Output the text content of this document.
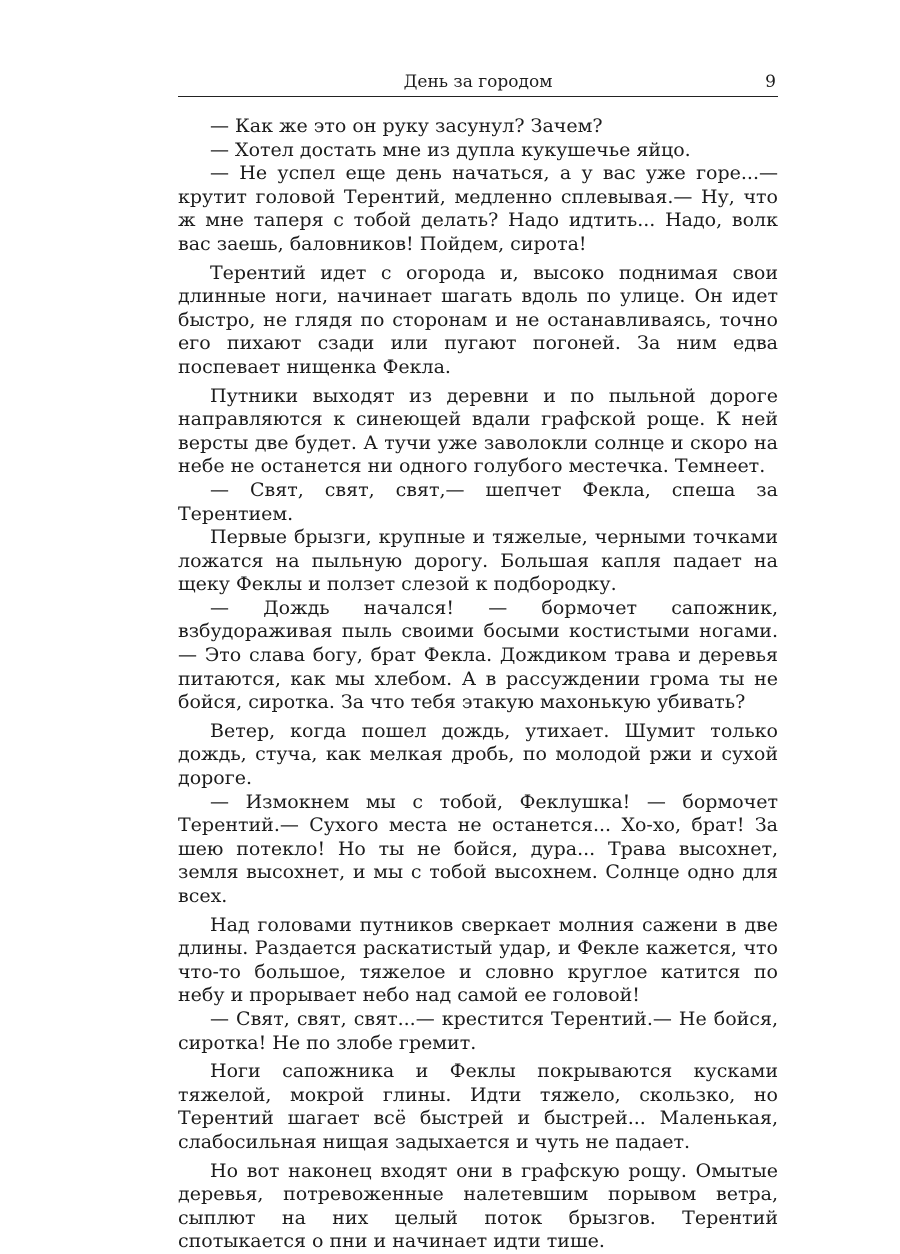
День за городом	9

— Как же это он руку засунул? Зачем?

— Хотел достать мне из дупла кукушечье яйцо.

— Не успел еще день начаться, а у вас уже горе...— крутит головой Терентий, медленно сплевывая.— Ну, что ж мне таперя с тобой делать? Надо идтить... Надо, волк вас заешь, баловников! Пойдем, сирота!

Терентий идет с огорода и, высоко поднимая свои длинные ноги, начинает шагать вдоль по улице. Он идет быстро, не глядя по сторонам и не останавливаясь, точно его пихают сзади или пугают погоней. За ним едва поспевает нищенка Фекла.

Путники выходят из деревни и по пыльной дороге направляются к синеющей вдали графской роще. К ней версты две будет. А тучи уже заволокли солнце и скоро на небе не останется ни одного голубого местечка. Темнеет.

— Свят, свят, свят,— шепчет Фекла, спеша за Терентием.

Первые брызги, крупные и тяжелые, черными точками ложатся на пыльную дорогу. Большая капля падает на щеку Феклы и ползет слезой к подбородку.

— Дождь начался! — бормочет сапожник, взбудораживая пыль своими босыми костистыми ногами.— Это слава богу, брат Фекла. Дождиком трава и деревья питаются, как мы хлебом. А в рассуждении грома ты не бойся, сиротка. За что тебя этакую махонькую убивать?

Ветер, когда пошел дождь, утихает. Шумит только дождь, стуча, как мелкая дробь, по молодой ржи и сухой дороге.

— Измокнем мы с тобой, Феклушка! — бормочет Терентий.— Сухого места не останется... Хо-хо, брат! За шею потекло! Но ты не бойся, дура... Трава высохнет, земля высохнет, и мы с тобой высохнем. Солнце одно для всех.

Над головами путников сверкает молния сажени в две длины. Раздается раскатистый удар, и Фекле кажется, что что-то большое, тяжелое и словно круглое катится по небу и прорывает небо над самой ее головой!

— Свят, свят, свят...— крестится Терентий.— Не бойся, сиротка! Не по злобе гремит.

Ноги сапожника и Феклы покрываются кусками тяжелой, мокрой глины. Идти тяжело, скользко, но Терентий шагает всё быстрей и быстрей... Маленькая, слабосильная нищая задыхается и чуть не падает.

Но вот наконец входят они в графскую рощу. Омытые деревья, потревоженные налетевшим порывом ветра, сыплют на них целый поток брызгов. Терентий спотыкается о пни и начинает идти тише.
